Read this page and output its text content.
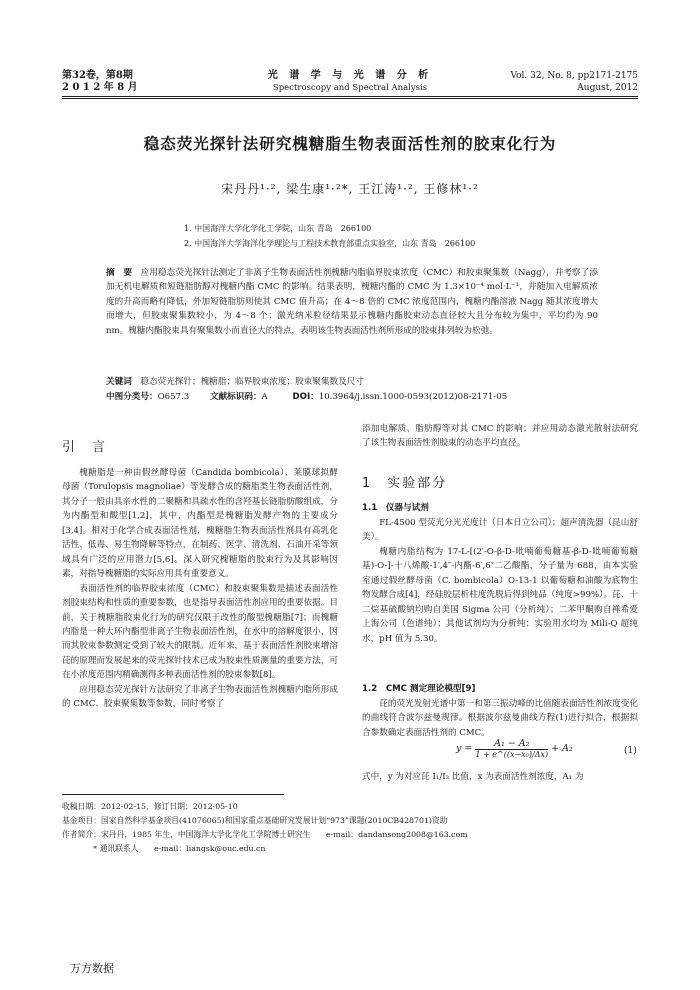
第32卷，第8期
2 0 1 2 年 8 月
光 谱 学 与 光 谱 分 析
Spectroscopy and Spectral Analysis
Vol. 32, No. 8, pp2171-2175
August, 2012
稳态荧光探针法研究槐糖脂生物表面活性剂的胶束化行为
宋丹丹¹·², 梁生康¹·²*, 王江涛¹·², 王修林¹·²
1. 中国海洋大学化学化工学院，山东 青岛　266100
2. 中国海洋大学海洋化学理论与工程技术教育部重点实验室，山东 青岛　266100
摘　要　 应用稳态荧光探针法测定了非离子生物表面活性剂槐糖内脂临界胶束浓度（CMC）和胶束聚集数（Nagg），并考察了添加无机电解质和短链脂肪醇对槐糖内酯 CMC 的影响。结果表明，槐糖内酯的 CMC 为 1.3×10⁻⁴ mol·L⁻¹，并随加入电解质浓度的升高而略有降低，外加短链脂肪则使其 CMC 值升高；在 4～8 倍的 CMC 浓度范围内，槐糖内酯溶液 Nagg 随其浓度增大而增大，但胶束聚集数较小，为 4～8 个；激光纳米粒径结果显示槐糖内酯胶束动态直径较大且分布较为集中，平均约为 90 nm。槐糖内酯胶束具有聚集数小而直径大的特点，表明该生物表面活性剂所形成的胶束排列较为松弛。
关键词　 稳态荧光探针；槐糖脂；临界胶束浓度；胶束聚集数及尺寸
中图分类号：O657.3 文献标识码：A	DOI：10.3964/j.issn.1000-0593(2012)08-2171-05
引　言

槐糖脂是一种由假丝酵母菌（Candida bombicola）、莱膜球拟酵母菌（Torulopsis magnoliae）等发酵合成的糖脂类生物表面活性剂，其分子一般由具亲水性的二聚糖和具疏水性的含羟基长链脂肪酸组成，分为内酯型和酸型[1,2]，其中，内酯型是槐糖脂发酵产物的主要成分[3,4]。相对于化学合成表面活性剂，槐糖脂生物表面活性剂具有高乳化活性、低毒、易生物降解等特点，在制药、医学、清洗剂、石油开采等领域具有广泛的应用潜力[5,6]。深入研究槐糖脂的胶束行为及其影响因素，对指导槐糖脂的实际应用具有重要意义。

表面活性剂的临界胶束浓度（CMC）和胶束聚集数是描述表面活性剂胶束结构和性质的重要参数，也是指导表面活性剂应用的重要依据。目前，关于槐糖脂胶束化行为的研究仅限于改性的酸型槐糖脂[7]；而槐糖内脂是一种大环内酯型非离子生物表面活性剂，在水中的溶解度很小，因而其胶束参数测定受到了较大的限制。近年来，基于表面活性剂胶束增溶芘的原理而发展起来的荧光探针技术已成为胶束性质测量的重要方法，可在小浓度范围内精确测得多种表面活性剂的胶束参数[8]。

应用稳态荧光探针方法研究了非离子生物表面活性剂槐糖内脂所形成的 CMC、胶束聚集数等参数，同时考察了

添加电解质、脂肪醇等对其 CMC 的影响；并应用动态激光散射法研究了该生物表面活性剂胶束的动态平均直径。

1　实验部分
1.1　仪器与试剂

FL-4500 型荧光分光光度计（日本日立公司）；超声清洗器（昆山舒美）。

槐糖内脂结构为 17-L-[(2′-O-β-D-吡喃葡萄糖基-β-D-吡喃葡萄糖基)-O-]-十八烯酸-1′,4″-内酯-6′,6″二乙酸酯，分子量为 688，由本实验室通过假丝酵母菌（C. bombicola）O-13-1 以葡萄糖和油酸为底物生物发酵合成[4]，经硅胶层析柱度洗脱后得到纯品（纯度>99%）。芘、十二烷基硫酸钠均购自美国 Sigma 公司（分析纯）；二苯甲酮购自禅希爱上海公司（色谱纯）；其他试剂均为分析纯；实验用水均为 Mili-Q 超纯水，pH 值为 5.30。

1.2　CMC 测定理论模型[9]

芘的荧光发射光谱中第一和第三振动峰的比值随表面活性剂浓度变化的曲线符合波尔兹曼规律。根据波尔兹曼曲线方程(1)进行拟合，根据拟合参数确定表面活性剂的 CMC。

$y = \frac{\text{A₁ − A₂}}{\text{1 + e\textasciicircum{}((x−x₀)/Δx)}} + A_2$	(1)

式中，y 为对应芘 I₁/I₃ 比值，x 为表面活性剂浓度，A₁ 为

收稿日期：2012-02-15，修订日期：2012-05-10
基金项目：国家自然科学基金项目(41076065)和国家重点基础研究发展计划“973”课题(2010CB428701)资助
作者简介：宋丹丹，1985 年生，中国海洋大学化学化工学院博士研究生　　e-mail：dandansong2008@163.com
　　　　* 通讯联系人　　e-mail：liangsk@ouc.edu.cn
万方数据
